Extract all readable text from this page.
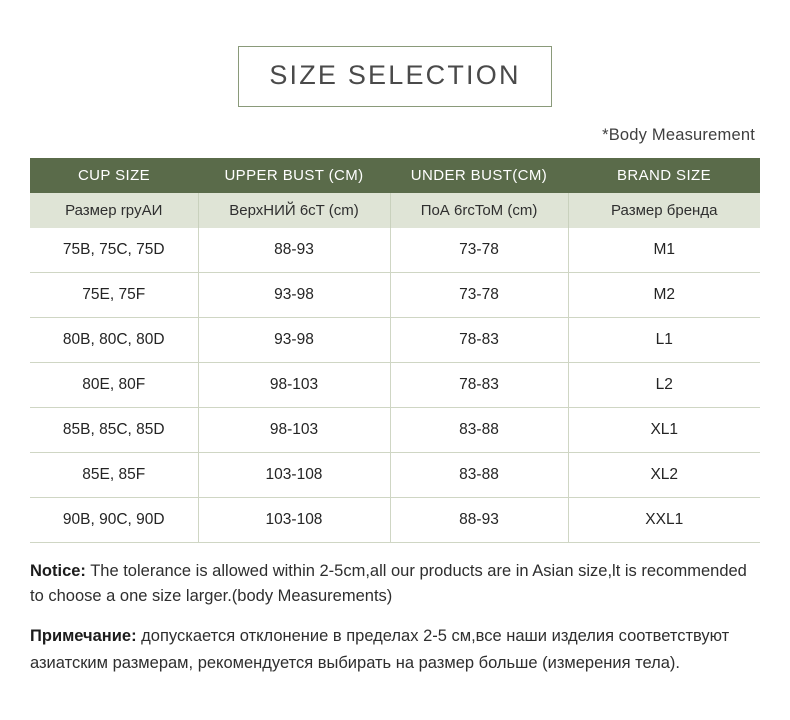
SIZE SELECTION
*Body Measurement
CUP SIZE	UPPER BUST (CM)	UNDER BUST(CM)	BRAND SIZE
Размер rpyАИ	ВерхНИЙ 6cT (cm)	ПоА 6rcToM (cm)	Размер бренда
75B, 75C, 75D	88-93	73-78	M1
75E, 75F	93-98	73-78	M2
80B, 80C, 80D	93-98	78-83	L1
80E, 80F	98-103	78-83	L2
85B, 85C, 85D	98-103	83-88	XL1
85E, 85F	103-108	83-88	XL2
90B, 90C, 90D	103-108	88-93	XXL1
Notice: The tolerance is allowed within 2-5cm,all our products are in Asian size,lt is recommended to choose a one size larger.(body Measurements)
Примечание: допускается отклонение в пределах 2-5 см,все наши изделия соответствуют азиатским размерам, рекомендуется выбирать на размер больше (измерения тела).
